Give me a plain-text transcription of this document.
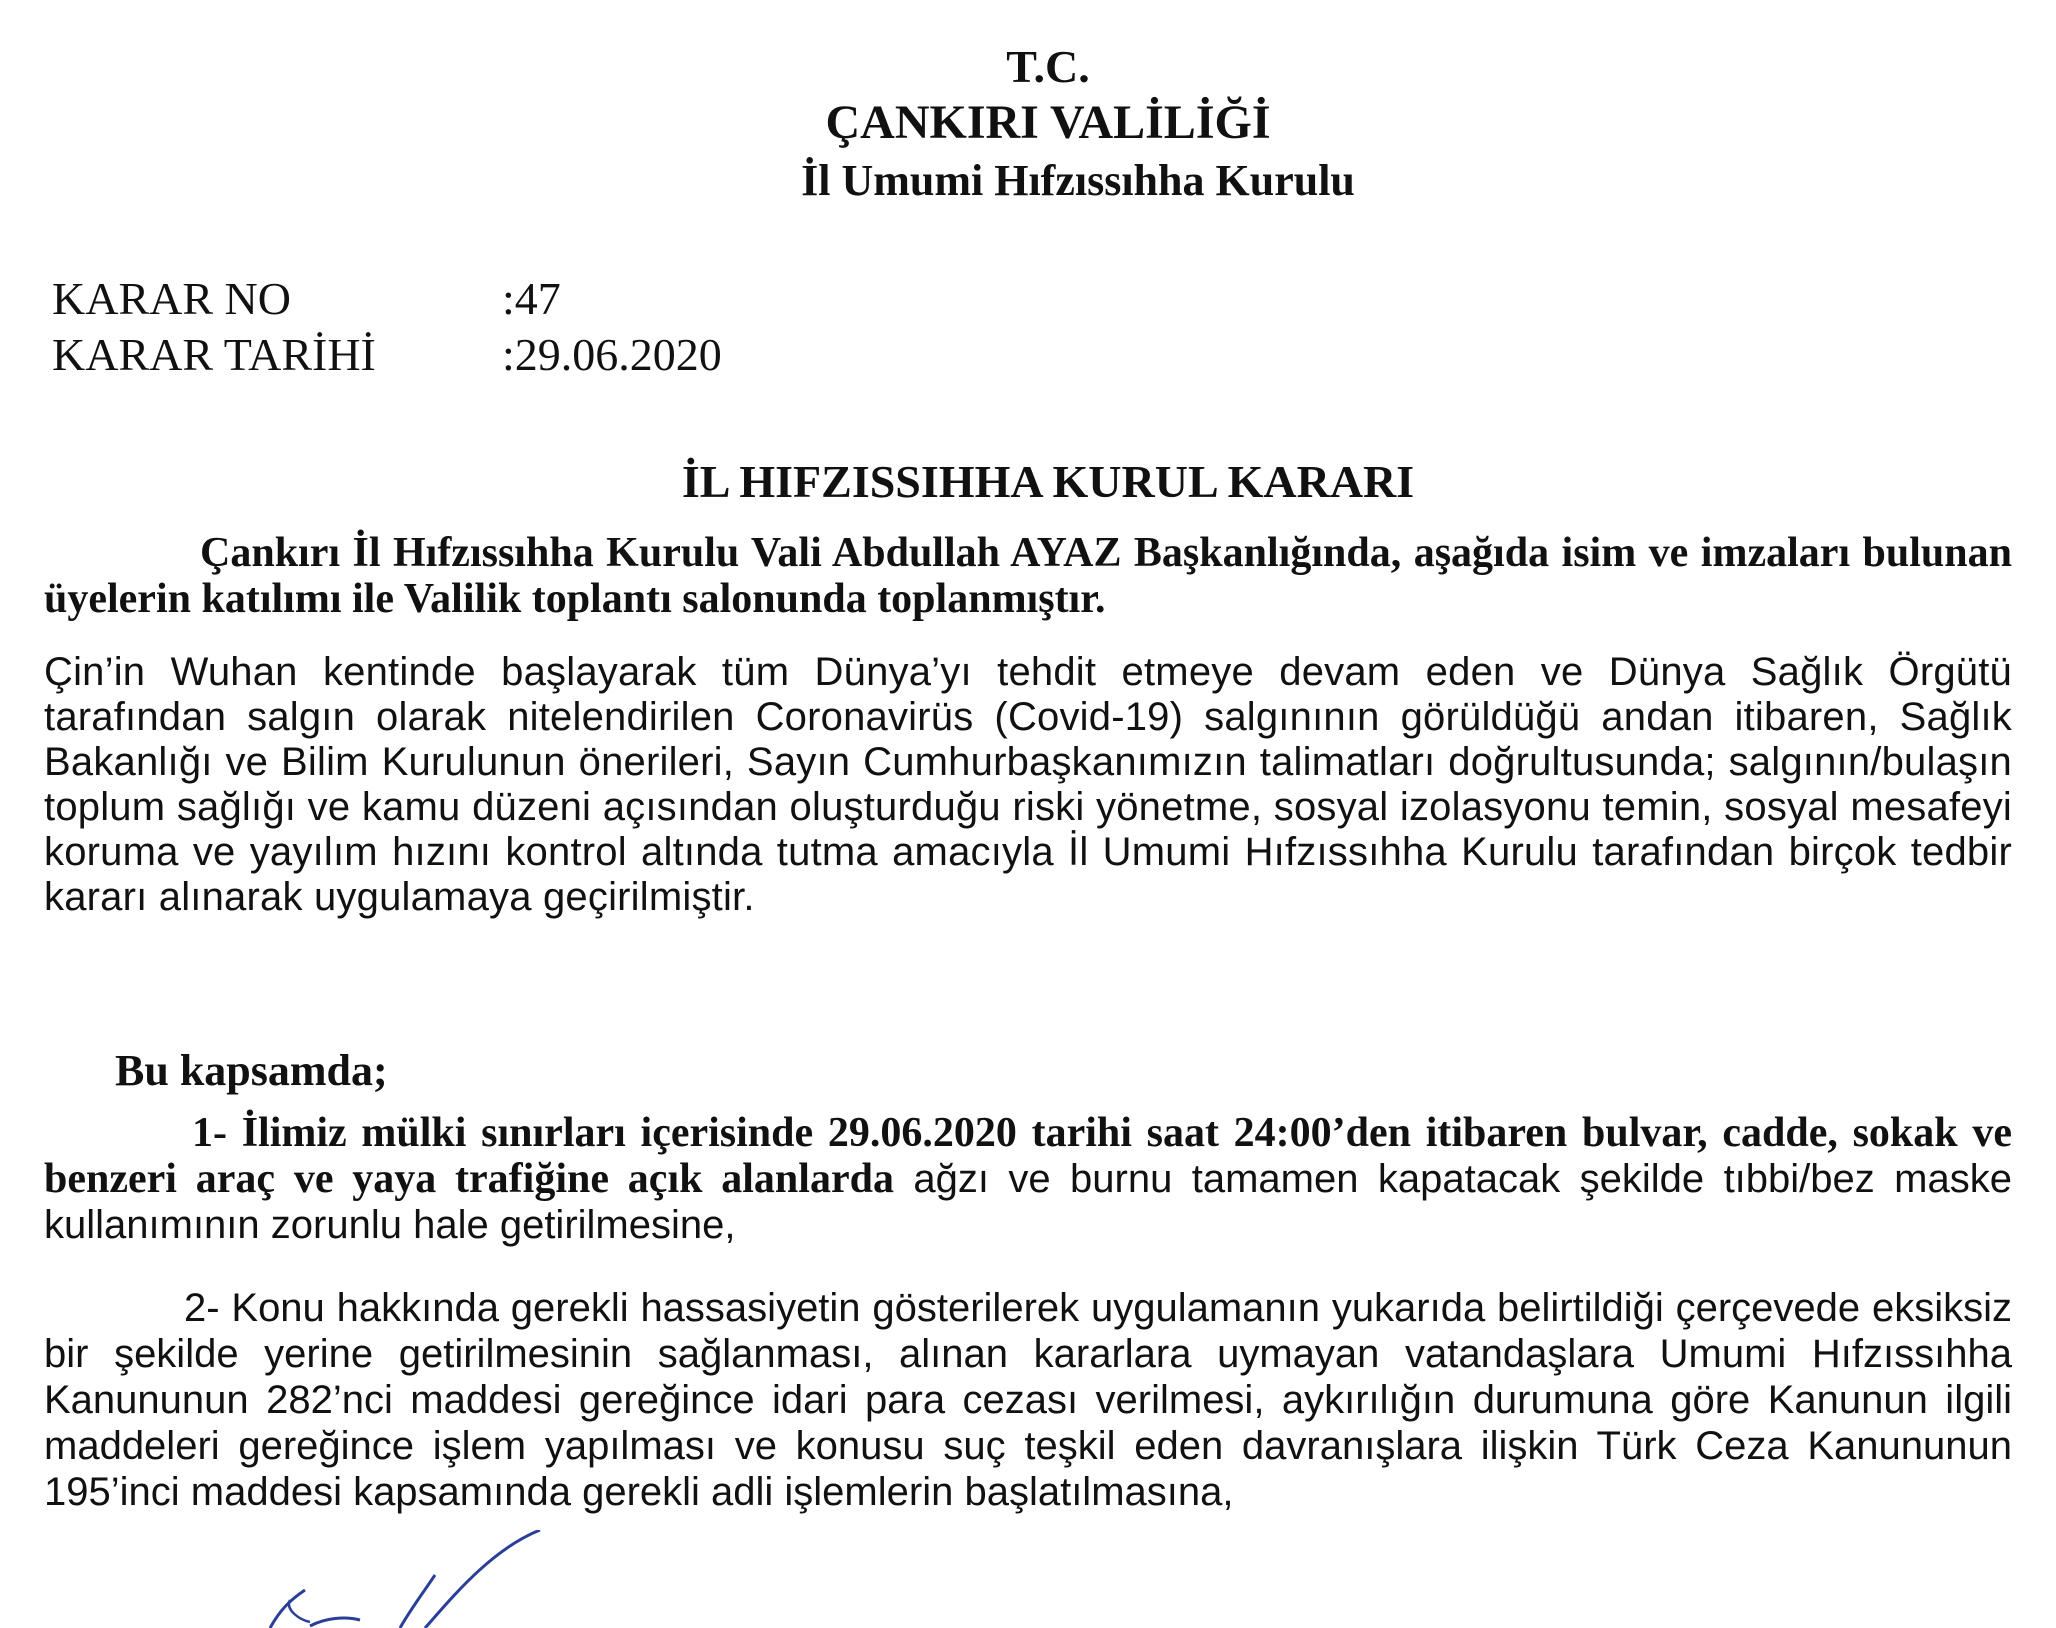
T.C.
ÇANKIRI VALİLİĞİ
İl Umumi Hıfzıssıhha Kurulu
KARAR NO	:47
KARAR TARİHİ	:29.06.2020
İL HIFZISSIHHA KURUL KARARI
Çankırı İl Hıfzıssıhha Kurulu Vali Abdullah AYAZ Başkanlığında, aşağıda isim ve imzaları bulunan üyelerin katılımı ile Valilik toplantı salonunda toplanmıştır.
Çin’in Wuhan kentinde başlayarak tüm Dünya’yı tehdit etmeye devam eden ve Dünya Sağlık Örgütü tarafından salgın olarak nitelendirilen Coronavirüs (Covid-19) salgınının görüldüğü andan itibaren, Sağlık Bakanlığı ve Bilim Kurulunun önerileri, Sayın Cumhurbaşkanımızın talimatları doğrultusunda; salgının/bulaşın toplum sağlığı ve kamu düzeni açısından oluşturduğu riski yönetme, sosyal izolasyonu temin, sosyal mesafeyi koruma ve yayılım hızını kontrol altında tutma amacıyla İl Umumi Hıfzıssıhha Kurulu tarafından birçok tedbir kararı alınarak uygulamaya geçirilmiştir.
Bu kapsamda;
1- İlimiz mülki sınırları içerisinde 29.06.2020 tarihi saat 24:00’den itibaren bulvar, cadde, sokak ve benzeri araç ve yaya trafiğine açık alanlarda ağzı ve burnu tamamen kapatacak şekilde tıbbi/bez maske kullanımının zorunlu hale getirilmesine,
2- Konu hakkında gerekli hassasiyetin gösterilerek uygulamanın yukarıda belirtildiği çerçevede eksiksiz bir şekilde yerine getirilmesinin sağlanması, alınan kararlara uymayan vatandaşlara Umumi Hıfzıssıhha Kanununun 282’nci maddesi gereğince idari para cezası verilmesi, aykırılığın durumuna göre Kanunun ilgili maddeleri gereğince işlem yapılması ve konusu suç teşkil eden davranışlara ilişkin Türk Ceza Kanununun 195’inci maddesi kapsamında gerekli adli işlemlerin başlatılmasına,
